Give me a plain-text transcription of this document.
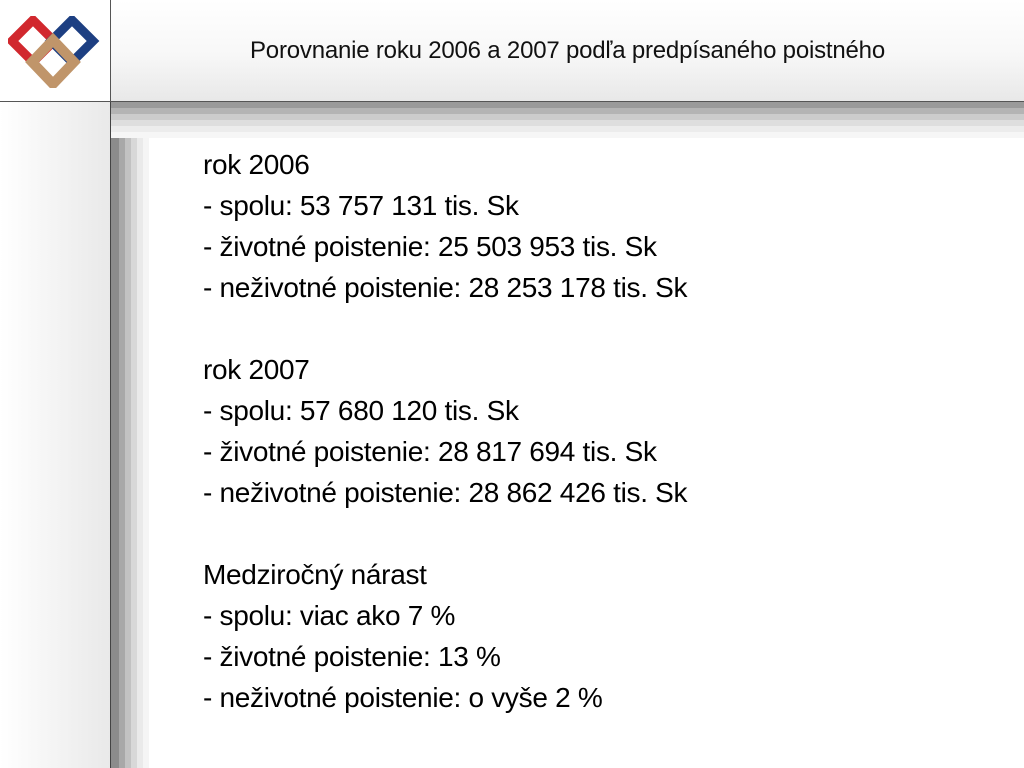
Porovnanie roku 2006 a 2007 podľa predpísaného poistného
rok 2006
- spolu: 53 757 131 tis. Sk
- životné poistenie: 25 503 953 tis. Sk
- neživotné poistenie: 28 253 178 tis. Sk
rok 2007
- spolu: 57 680 120 tis. Sk
- životné poistenie: 28 817 694 tis. Sk
- neživotné poistenie: 28 862 426 tis. Sk
Medziročný nárast
- spolu: viac ako 7 %
- životné poistenie: 13 %
- neživotné poistenie: o vyše 2 %
